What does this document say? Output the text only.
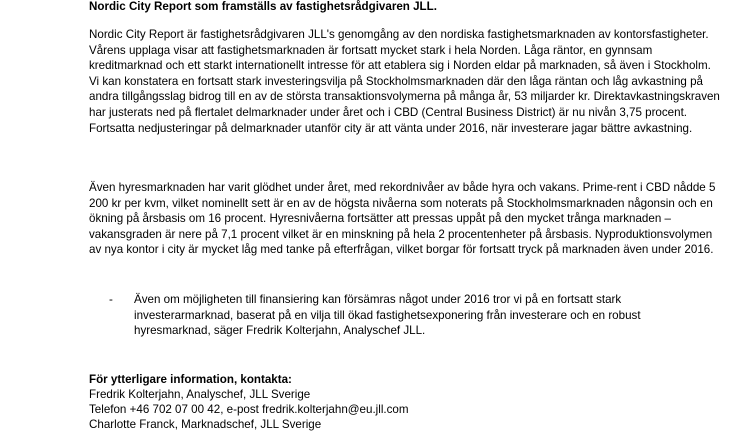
Nordic City Report som framställs av fastighetsrådgivaren JLL.

Nordic City Report är fastighetsrådgivaren JLL's genomgång av den nordiska fastighetsmarknaden av kontorsfastigheter. Vårens upplaga visar att fastighetsmarknaden är fortsatt mycket stark i hela Norden. Låga räntor, en gynnsam kreditmarknad och ett starkt internationellt intresse för att etablera sig i Norden eldar på marknaden, så även i Stockholm. Vi kan konstatera en fortsatt stark investeringsvilja på Stockholmsmarknaden där den låga räntan och låg avkastning på andra tillgångsslag bidrog till en av de största transaktionsvolymerna på många år, 53 miljarder kr. Direktavkastningskraven har justerats ned på flertalet delmarknader under året och i CBD (Central Business District) är nu nivån 3,75 procent. Fortsatta nedjusteringar på delmarknader utanför city är att vänta under 2016, när investerare jagar bättre avkastning.

Även hyresmarknaden har varit glödhet under året, med rekordnivåer av både hyra och vakans. Prime-rent i CBD nådde 5 200 kr per kvm, vilket nominellt sett är en av de högsta nivåerna som noterats på Stockholmsmarknaden någonsin och en ökning på årsbasis om 16 procent. Hyresnivåerna fortsätter att pressas uppåt på den mycket trånga marknaden – vakansgraden är nere på 7,1 procent vilket är en minskning på hela 2 procentenheter på årsbasis. Nyproduktionsvolymen av nya kontor i city är mycket låg med tanke på efterfrågan, vilket borgar för fortsatt tryck på marknaden även under 2016.

- Även om möjligheten till finansiering kan försämras något under 2016 tror vi på en fortsatt stark investerarmarknad, baserat på en vilja till ökad fastighetsexponering från investerare och en robust hyresmarknad, säger Fredrik Kolterjahn, Analyschef JLL.
För ytterligare information, kontakta:
Fredrik Kolterjahn, Analyschef, JLL Sverige
Telefon +46 702 07 00 42, e-post fredrik.kolterjahn@eu.jll.com
Charlotte Franck, Marknadschef, JLL Sverige
